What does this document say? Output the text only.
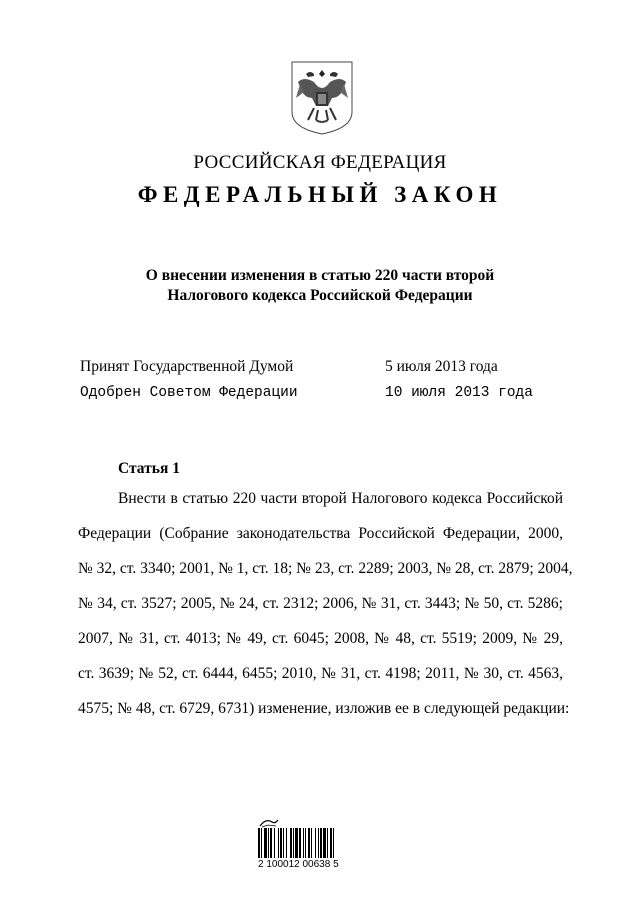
РОССИЙСКАЯ ФЕДЕРАЦИЯ
ФЕДЕРАЛЬНЫЙ ЗАКОН
О внесении изменения в статью 220 части второй
Налогового кодекса Российской Федерации
Принят Государственной Думой	5 июля 2013 года
Одобрен Советом Федерации	10 июля 2013 года
Статья 1
Внести в статью 220 части второй Налогового кодекса Российской
Федерации (Собрание законодательства Российской Федерации, 2000,
№ 32, ст. 3340; 2001, № 1, ст. 18; № 23, ст. 2289; 2003, № 28, ст. 2879; 2004,
№ 34, ст. 3527; 2005, № 24, ст. 2312; 2006, № 31, ст. 3443; № 50, ст. 5286;
2007, № 31, ст. 4013; № 49, ст. 6045; 2008, № 48, ст. 5519; 2009, № 29,
ст. 3639; № 52, ст. 6444, 6455; 2010, № 31, ст. 4198; 2011, № 30, ст. 4563,
4575; № 48, ст. 6729, 6731) изменение, изложив ее в следующей редакции:
2 100012 00638 5
